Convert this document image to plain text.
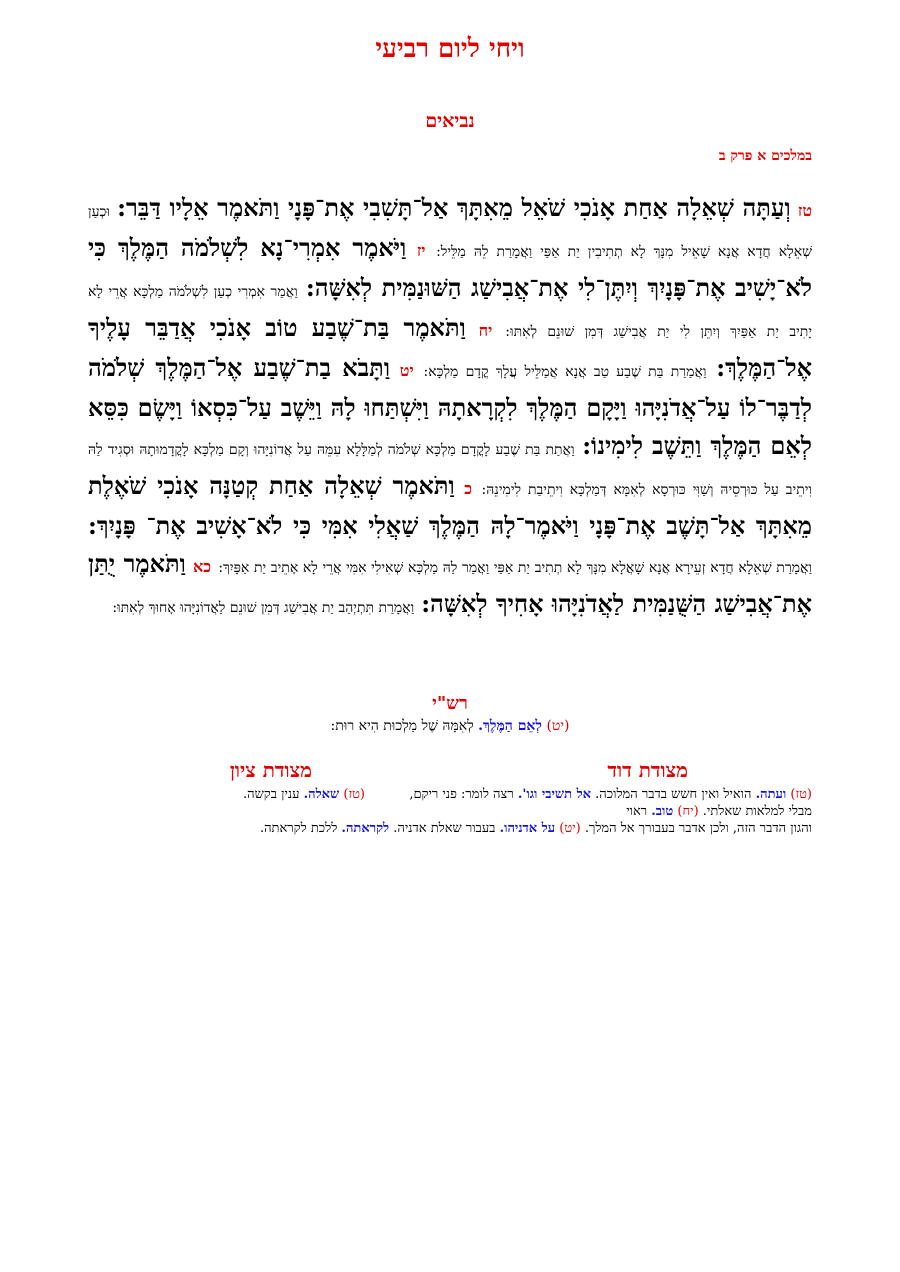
ויחי ליום רביעי
נביאים
במלכים א פרק ב
טז וְעַתָּה שְׁאֵלָה אַחַת אָנֹכִי שֹׁאֵל מֵאִתָּךְ אַל־תָּשִׁבִי אֶת־פָּנָי וַתֹּאמֶר אֵלָיו דַּבֵּר: וּכְעַן שְׁאֵלָא חֲדָא אֲנָא שָׁאֵיל מִנָּךְ לָא תְתִיבִין יַת אַפַּי וַאֲמָרַת לֵהּ מַלֵּיל: יז וַיֹּאמֶר אִמְרִי־נָא לִשְׁלֹמֹה הַמֶּלֶךְ כִּי לֹא־יָשִׁיב אֶת־פָּנָיִךְ וְיִתֶּן־לִי אֶת־אֲבִישַׁג הַשּׁוּנַמִּית לְאִשָּׁה: וַאֲמַר אִמְרִי כְעַן לִשְׁלֹמֹה מַלְכָּא אֲרֵי לָא יָתִיב יַת אַפַּיִךְ וְיִתֵּן לִי יַת אֲבִישַׁג דְּמִן שׁוּנֵם לְאִתּוּ: יח וַתֹּאמֶר בַּת־שֶׁבַע טוֹב אָנֹכִי אֲדַבֵּר עָלֶיךָ אֶל־הַמֶּלֶךְ: וַאֲמַרַת בַּת שֶׁבַע טַב אֲנָא אֲמַלֵּיל עֲלָךְ קֳדָם מַלְכָּא: יט וַתָּבֹא בַת־שֶׁבַע אֶל־הַמֶּלֶךְ שְׁלֹמֹה לְדַבֶּר־לוֹ עַל־אֲדֹנִיָּהוּ וַיָּקָם הַמֶּלֶךְ לִקְרָאתָהּ וַיִּשְׁתַּחוּ לָהּ וַיֵּשֶׁב עַל־כִּסְאוֹ וַיָּשֶׂם כִּסֵּא לְאֵם הַמֶּלֶךְ וַתֵּשֶׁב לִימִינוֹ: וַאֲתַת בַּת שֶׁבַע לָקֳדָם מַלְכָּא שְׁלֹמֹה לְמַלָּלָא עִמֵּהּ עַל אֲדוֹנִיָּהוּ וְקָם מַלְכָּא לָקֳדָמוּתָהּ וּסְגִיד לַהּ וִיתֵיב עַל כּוּרְסֵיהּ וְשַׁוִּי כּוּרְסָא לְאִמָּא דְּמַלְכָּא וִיתֵיבַת לִימִינֵהּ: כ וַתֹּאמֶר שְׁאֵלָה אַחַת קְטַנָּה אָנֹכִי שֹׁאֶלֶת מֵאִתָּךְ אַל־תָּשֶׁב אֶת־פָּנָי וַיֹּאמֶר־לָהּ הַמֶּלֶךְ שַׁאֲלִי אִמִּי כִּי לֹא־אָשִׁיב אֶת־ פָּנָיִךְ: וַאֲמָרַת שְׁאֵלָא חֲדָא זְעֵירָא אֲנָא שָׁאֲלָא מִנָּךְ לָא תְתִיב יַת אַפַּי וַאֲמַר לַהּ מַלְכָּא שְׁאִילִי אִמִּי אֲרֵי לָא אָתֵיב יַת אַפָּיִךְ: כא וַתֹּאמֶר יֻתַּן אֶת־אֲבִישַׁג הַשֻּׁנַמִּית לַאֲדֹנִיָּהוּ אָחִיךָ לְאִשָּׁה: וַאֲמָרַת תִּתְיְהַב יַת אֲבִישַׁג דְּמִן שׁוּנֵם לַאֲדוֹנִיָּהוּ אָחוּךְ לְאִתּוּ:
רש"י
(יט) לְאֵם הַמֶּלֶךְ. לְאִמָּהּ שֶׁל מַלְכוּת הִיא רוּת:
מצודת דוד
מצודת ציון
(טז) ועתה. הואיל ואין חשש בדבר המלוכה. אל תשיבי וגו'. רצה לומר: פני ריקם, מבלי למלאות שאלתי. (יח) טוב. ראוי
והגון הדבר הזה, ולכן אדבר בעבורך אל המלך. (יט) על אדניהו. בעבור שאלת אדניה. לקראתה. ללכת לקראתה.
(טז) שאלה. ענין בקשה.
